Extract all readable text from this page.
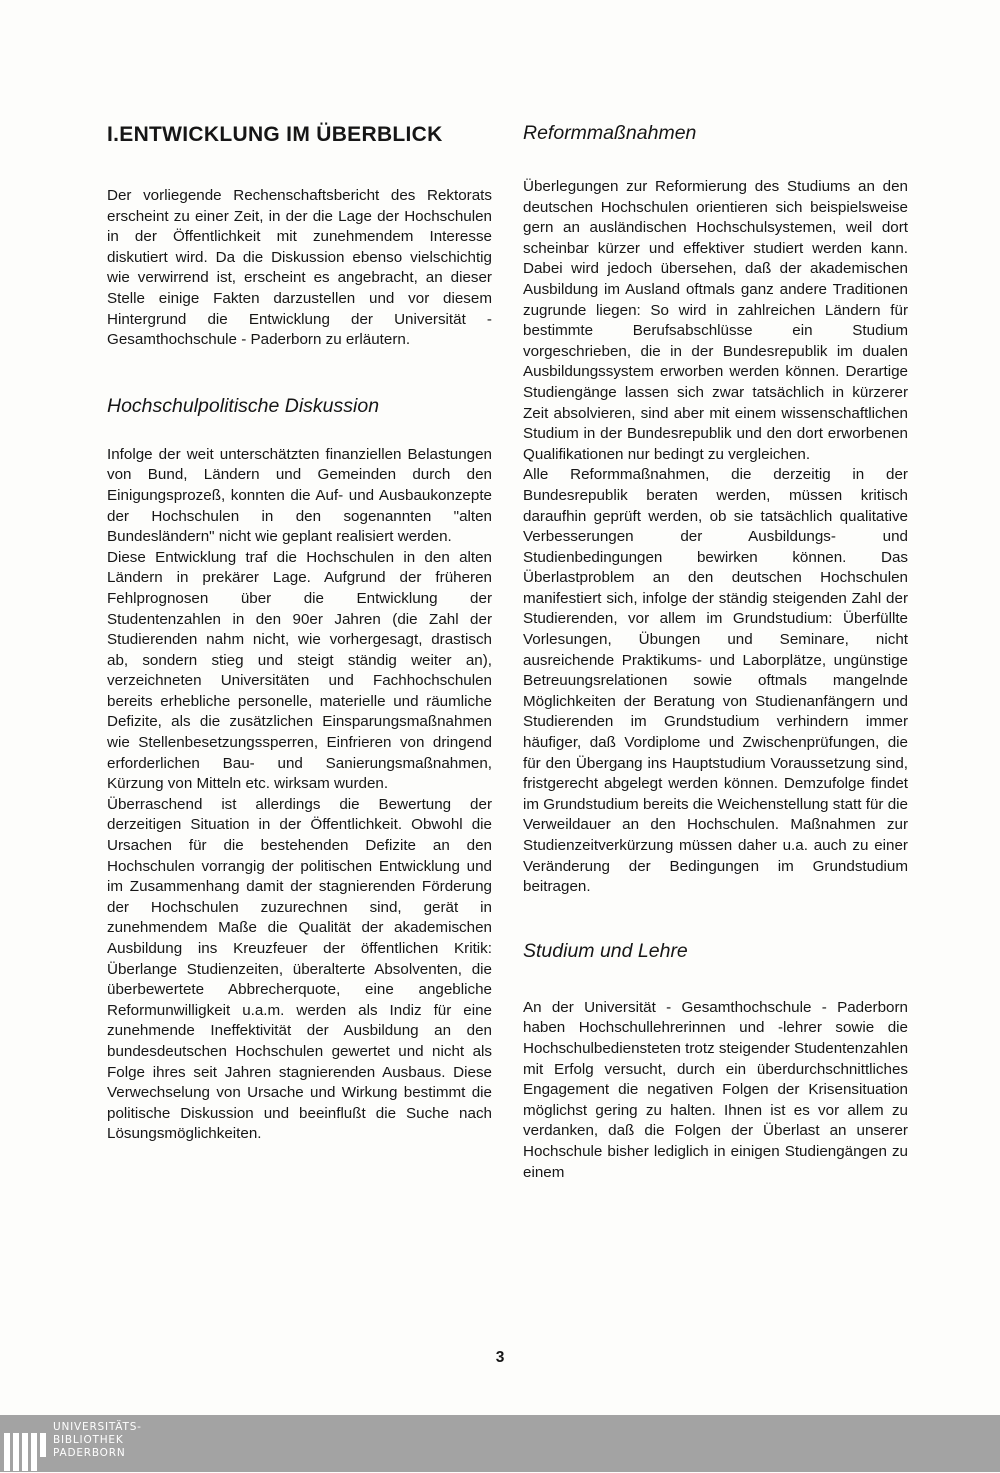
I.ENTWICKLUNG IM ÜBERBLICK

Der vorliegende Rechenschaftsbericht des Rektorats erscheint zu einer Zeit, in der die Lage der Hochschulen in der Öffentlichkeit mit zunehmendem Interesse diskutiert wird. Da die Diskussion ebenso vielschichtig wie verwirrend ist, erscheint es angebracht, an dieser Stelle einige Fakten darzustellen und vor diesem Hintergrund die Entwicklung der Universität - Gesamthochschule - Paderborn zu erläutern.

Hochschulpolitische Diskussion

Infolge der weit unterschätzten finanziellen Belastungen von Bund, Ländern und Gemeinden durch den Einigungsprozeß, konnten die Auf- und Ausbaukonzepte der Hochschulen in den sogenannten "alten Bundesländern" nicht wie geplant realisiert werden.

Diese Entwicklung traf die Hochschulen in den alten Ländern in prekärer Lage. Aufgrund der früheren Fehlprognosen über die Entwicklung der Studentenzahlen in den 90er Jahren (die Zahl der Studierenden nahm nicht, wie vorhergesagt, drastisch ab, sondern stieg und steigt ständig weiter an), verzeichneten Universitäten und Fachhochschulen bereits erhebliche personelle, materielle und räumliche Defizite, als die zusätzlichen Einsparungsmaßnahmen wie Stellenbesetzungssperren, Einfrieren von dringend erforderlichen Bau- und Sanierungsmaßnahmen, Kürzung von Mitteln etc. wirksam wurden.

Überraschend ist allerdings die Bewertung der derzeitigen Situation in der Öffentlichkeit. Obwohl die Ursachen für die bestehenden Defizite an den Hochschulen vorrangig der politischen Entwicklung und im Zusammenhang damit der stagnierenden Förderung der Hochschulen zuzurechnen sind, gerät in zunehmendem Maße die Qualität der akademischen Ausbildung ins Kreuzfeuer der öffentlichen Kritik: Überlange Studienzeiten, überalterte Absolventen, die überbewertete Abbrecherquote, eine angebliche Reformunwilligkeit u.a.m. werden als Indiz für eine zunehmende Ineffektivität der Ausbildung an den bundesdeutschen Hochschulen gewertet und nicht als Folge ihres seit Jahren stagnierenden Ausbaus. Diese Verwechselung von Ursache und Wirkung bestimmt die politische Diskussion und beeinflußt die Suche nach Lösungsmöglichkeiten.

Reformmaßnahmen

Überlegungen zur Reformierung des Studiums an den deutschen Hochschulen orientieren sich beispielsweise gern an ausländischen Hochschulsystemen, weil dort scheinbar kürzer und effektiver studiert werden kann. Dabei wird jedoch übersehen, daß der akademischen Ausbildung im Ausland oftmals ganz andere Traditionen zugrunde liegen: So wird in zahlreichen Ländern für bestimmte Berufsabschlüsse ein Studium vorgeschrieben, die in der Bundesrepublik im dualen Ausbildungssystem erworben werden können. Derartige Studiengänge lassen sich zwar tatsächlich in kürzerer Zeit absolvieren, sind aber mit einem wissenschaftlichen Studium in der Bundesrepublik und den dort erworbenen Qualifikationen nur bedingt zu vergleichen.

Alle Reformmaßnahmen, die derzeitig in der Bundesrepublik beraten werden, müssen kritisch daraufhin geprüft werden, ob sie tatsächlich qualitative Verbesserungen der Ausbildungs- und Studienbedingungen bewirken können. Das Überlastproblem an den deutschen Hochschulen manifestiert sich, infolge der ständig steigenden Zahl der Studierenden, vor allem im Grundstudium: Überfüllte Vorlesungen, Übungen und Seminare, nicht ausreichende Praktikums- und Laborplätze, ungünstige Betreuungsrelationen sowie oftmals mangelnde Möglichkeiten der Beratung von Studienanfängern und Studierenden im Grundstudium verhindern immer häufiger, daß Vordiplome und Zwischenprüfungen, die für den Übergang ins Hauptstudium Voraussetzung sind, fristgerecht abgelegt werden können. Demzufolge findet im Grundstudium bereits die Weichenstellung statt für die Verweildauer an den Hochschulen. Maßnahmen zur Studienzeitverkürzung müssen daher u.a. auch zu einer Veränderung der Bedingungen im Grundstudium beitragen.

Studium und Lehre

An der Universität - Gesamthochschule - Paderborn haben Hochschullehrerinnen und -lehrer sowie die Hochschulbediensteten trotz steigender Studentenzahlen mit Erfolg versucht, durch ein überdurchschnittliches Engagement die negativen Folgen der Krisensituation möglichst gering zu halten. Ihnen ist es vor allem zu verdanken, daß die Folgen der Überlast an unserer Hochschule bisher lediglich in einigen Studiengängen zu einem

3
UNIVERSITÄTS-
BIBLIOTHEK
PADERBORN
